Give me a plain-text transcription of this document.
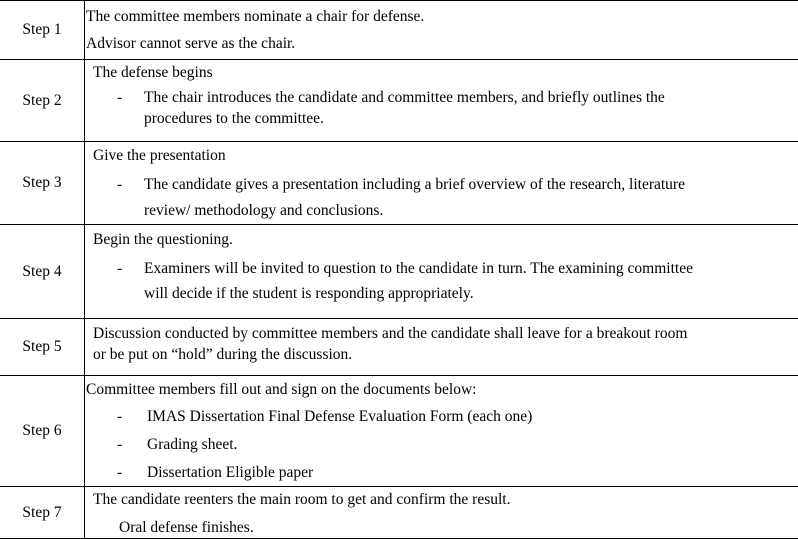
Step 1
The committee members nominate a chair for defense.
Advisor cannot serve as the chair.
Step 2
The defense begins
- The chair introduces the candidate and committee members, and briefly outlines the
procedures to the committee.
Step 3
Give the presentation
- The candidate gives a presentation including a brief overview of the research, literature
review/ methodology and conclusions.
Step 4
Begin the questioning.
- Examiners will be invited to question to the candidate in turn. The examining committee
will decide if the student is responding appropriately.
Step 5
Discussion conducted by committee members and the candidate shall leave for a breakout room
or be put on “hold” during the discussion.
Step 6
Committee members fill out and sign on the documents below:
- IMAS Dissertation Final Defense Evaluation Form (each one)
- Grading sheet.
- Dissertation Eligible paper
Step 7
The candidate reenters the main room to get and confirm the result.
Oral defense finishes.
